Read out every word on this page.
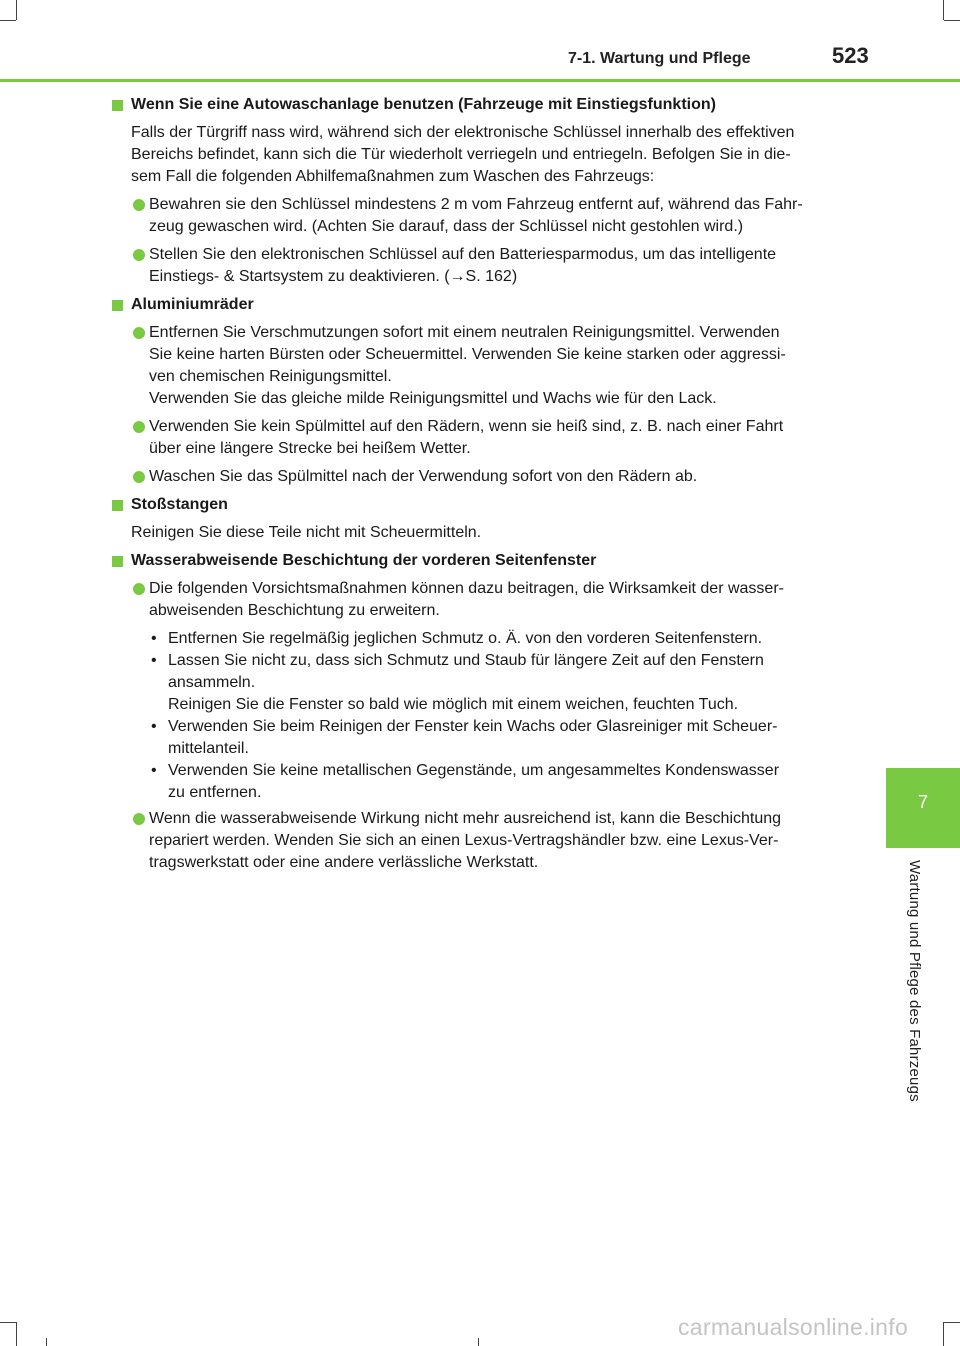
7-1. Wartung und Pflege	523
7
Wartung und Pflege des Fahrzeugs
Wenn Sie eine Autowaschanlage benutzen (Fahrzeuge mit Einstiegsfunktion)
Falls der Türgriff nass wird, während sich der elektronische Schlüssel innerhalb des effektiven
Bereichs befindet, kann sich die Tür wiederholt verriegeln und entriegeln. Befolgen Sie in die-
sem Fall die folgenden Abhilfemaßnahmen zum Waschen des Fahrzeugs:
Bewahren sie den Schlüssel mindestens 2 m vom Fahrzeug entfernt auf, während das Fahr-
zeug gewaschen wird. (Achten Sie darauf, dass der Schlüssel nicht gestohlen wird.)
Stellen Sie den elektronischen Schlüssel auf den Batteriesparmodus, um das intelligente
Einstiegs- & Startsystem zu deaktivieren. (→S. 162)
Aluminiumräder
Entfernen Sie Verschmutzungen sofort mit einem neutralen Reinigungsmittel. Verwenden
Sie keine harten Bürsten oder Scheuermittel. Verwenden Sie keine starken oder aggressi-
ven chemischen Reinigungsmittel.
Verwenden Sie das gleiche milde Reinigungsmittel und Wachs wie für den Lack.
Verwenden Sie kein Spülmittel auf den Rädern, wenn sie heiß sind, z. B. nach einer Fahrt
über eine längere Strecke bei heißem Wetter.
Waschen Sie das Spülmittel nach der Verwendung sofort von den Rädern ab.
Stoßstangen
Reinigen Sie diese Teile nicht mit Scheuermitteln.
Wasserabweisende Beschichtung der vorderen Seitenfenster
Die folgenden Vorsichtsmaßnahmen können dazu beitragen, die Wirksamkeit der wasser-
abweisenden Beschichtung zu erweitern.
• Entfernen Sie regelmäßig jeglichen Schmutz o. Ä. von den vorderen Seitenfenstern.
• Lassen Sie nicht zu, dass sich Schmutz und Staub für längere Zeit auf den Fenstern
ansammeln.
Reinigen Sie die Fenster so bald wie möglich mit einem weichen, feuchten Tuch.
• Verwenden Sie beim Reinigen der Fenster kein Wachs oder Glasreiniger mit Scheuer-
mittelanteil.
• Verwenden Sie keine metallischen Gegenstände, um angesammeltes Kondenswasser
zu entfernen.
Wenn die wasserabweisende Wirkung nicht mehr ausreichend ist, kann die Beschichtung
repariert werden. Wenden Sie sich an einen Lexus-Vertragshändler bzw. eine Lexus-Ver-
tragswerkstatt oder eine andere verlässliche Werkstatt.
carmanualsonline.info
